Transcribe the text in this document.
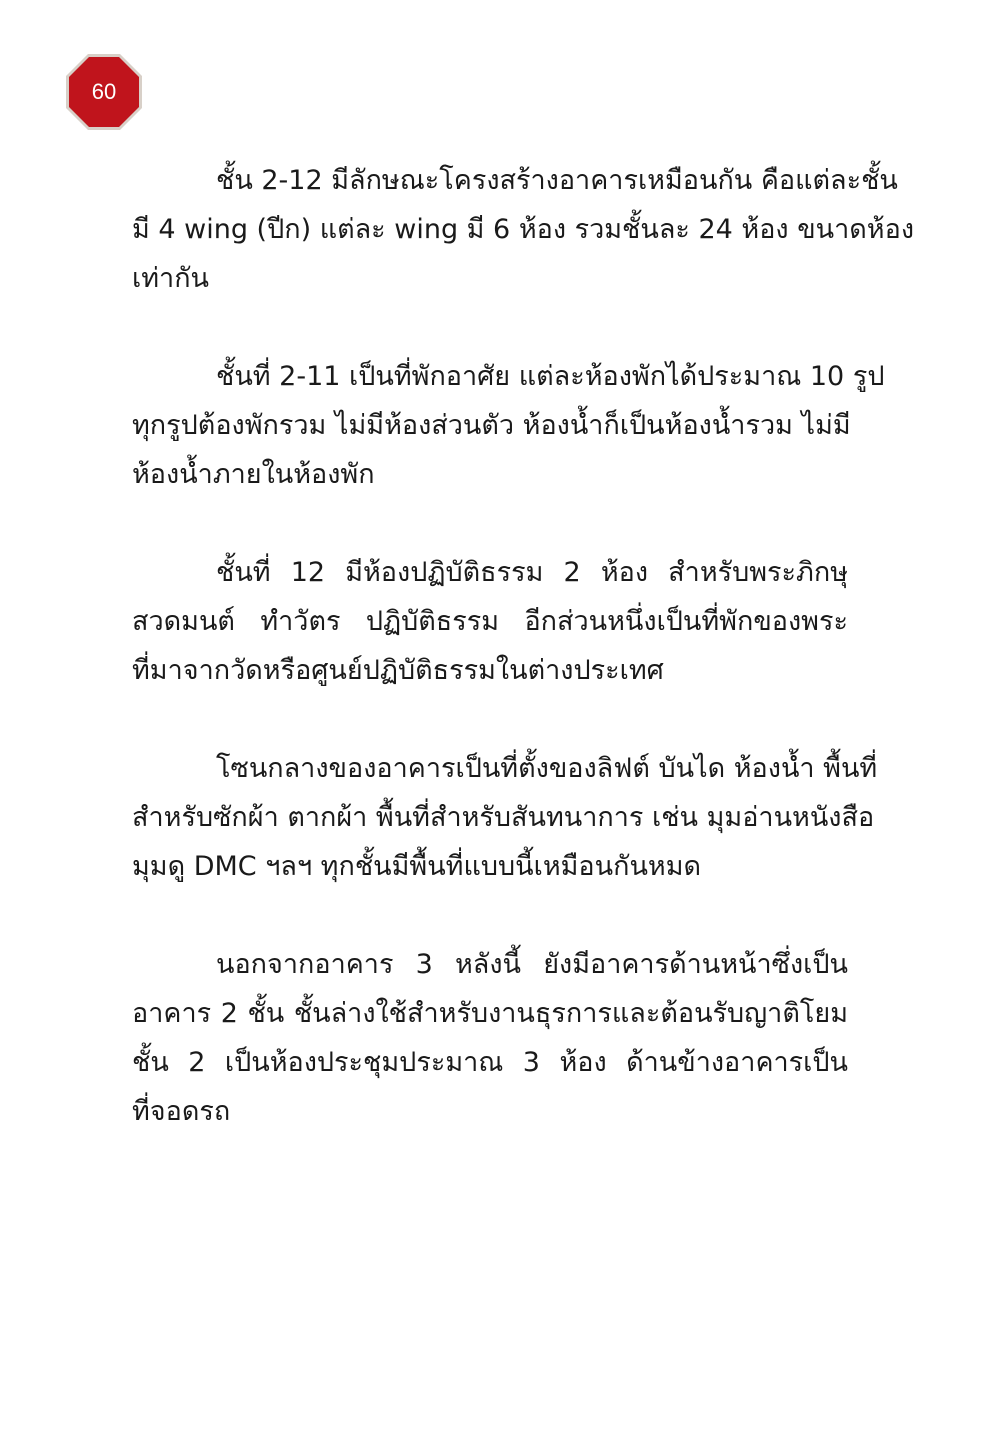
60
ชั้น 2-12 มีลักษณะโครงสร้างอาคารเหมือนกัน คือแต่ละชั้น
มี 4 wing (ปีก) แต่ละ wing มี 6 ห้อง รวมชั้นละ 24 ห้อง ขนาดห้อง
เท่ากัน
ชั้นที่ 2-11 เป็นที่พักอาศัย แต่ละห้องพักได้ประมาณ 10 รูป
ทุกรูปต้องพักรวม ไม่มีห้องส่วนตัว ห้องน้ำก็เป็นห้องน้ำรวม ไม่มี
ห้องน้ำภายในห้องพัก
ชั้นที่ 12 มีห้องปฏิบัติธรรม 2 ห้อง สำหรับพระภิกษุ
สวดมนต์ ทำวัตร ปฏิบัติธรรม อีกส่วนหนึ่งเป็นที่พักของพระ
ที่มาจากวัดหรือศูนย์ปฏิบัติธรรมในต่างประเทศ
โซนกลางของอาคารเป็นที่ตั้งของลิฟต์ บันได ห้องน้ำ พื้นที่
สำหรับซักผ้า ตากผ้า พื้นที่สำหรับสันทนาการ เช่น มุมอ่านหนังสือ
มุมดู DMC ฯลฯ ทุกชั้นมีพื้นที่แบบนี้เหมือนกันหมด
นอกจากอาคาร 3 หลังนี้ ยังมีอาคารด้านหน้าซึ่งเป็น
อาคาร 2 ชั้น ชั้นล่างใช้สำหรับงานธุรการและต้อนรับญาติโยม
ชั้น 2 เป็นห้องประชุมประมาณ 3 ห้อง ด้านข้างอาคารเป็น
ที่จอดรถ
